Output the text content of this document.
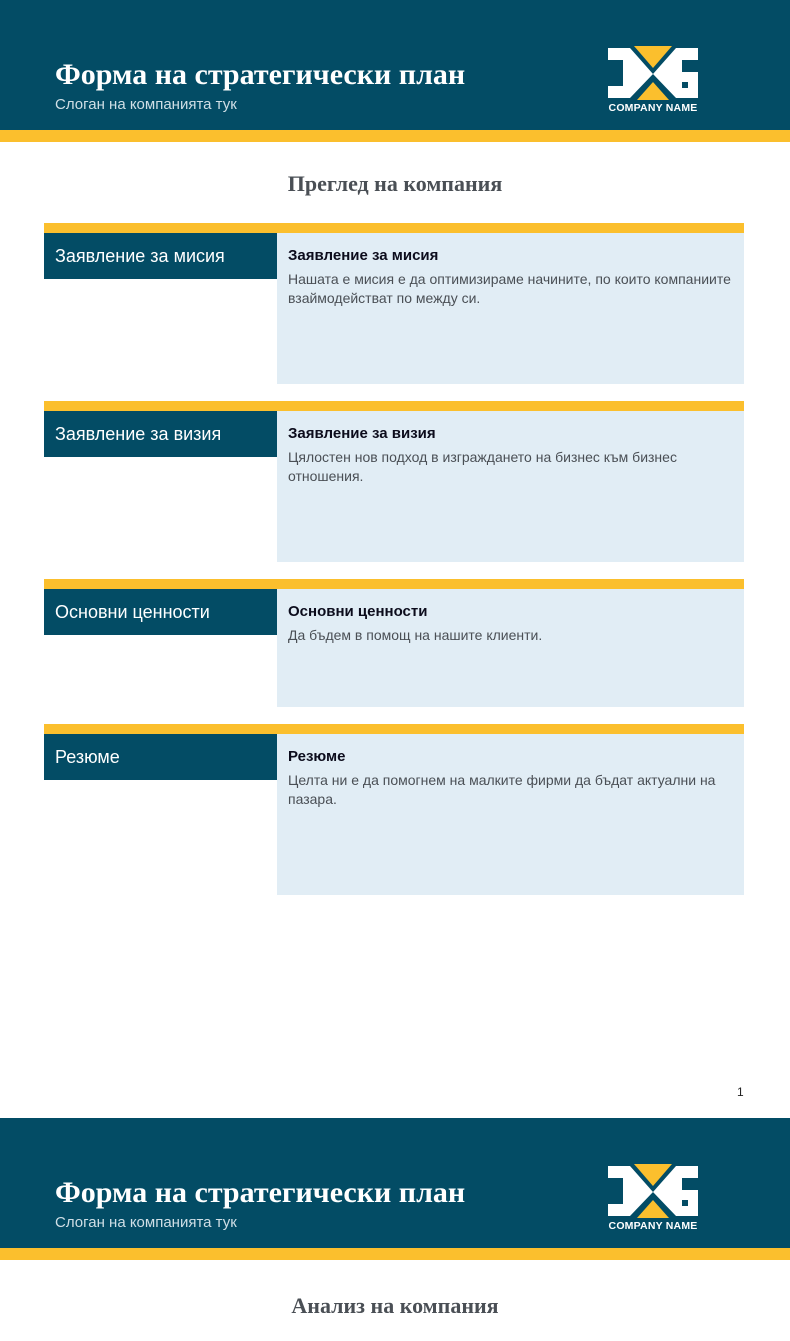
Форма на стратегически план
Слоган на компанията тук	COMPANY NAME
Преглед на компания
Заявление за мисия	Заявление за мисия

Нашата е мисия е да оптимизираме начините, по които компаниите взаймодействат по между си.

Заявление за визия	Заявление за визия

Цялостен нов подход в изграждането на бизнес към бизнес отношения.

Основни ценности	Основни ценности

Да бъдем в помощ на нашите клиенти.

Резюме	Резюме

Целта ни е да помогнем на малките фирми да бъдат актуални на пазара.

1
Форма на стратегически план
Слоган на компанията тук	COMPANY NAME
Анализ на компания
